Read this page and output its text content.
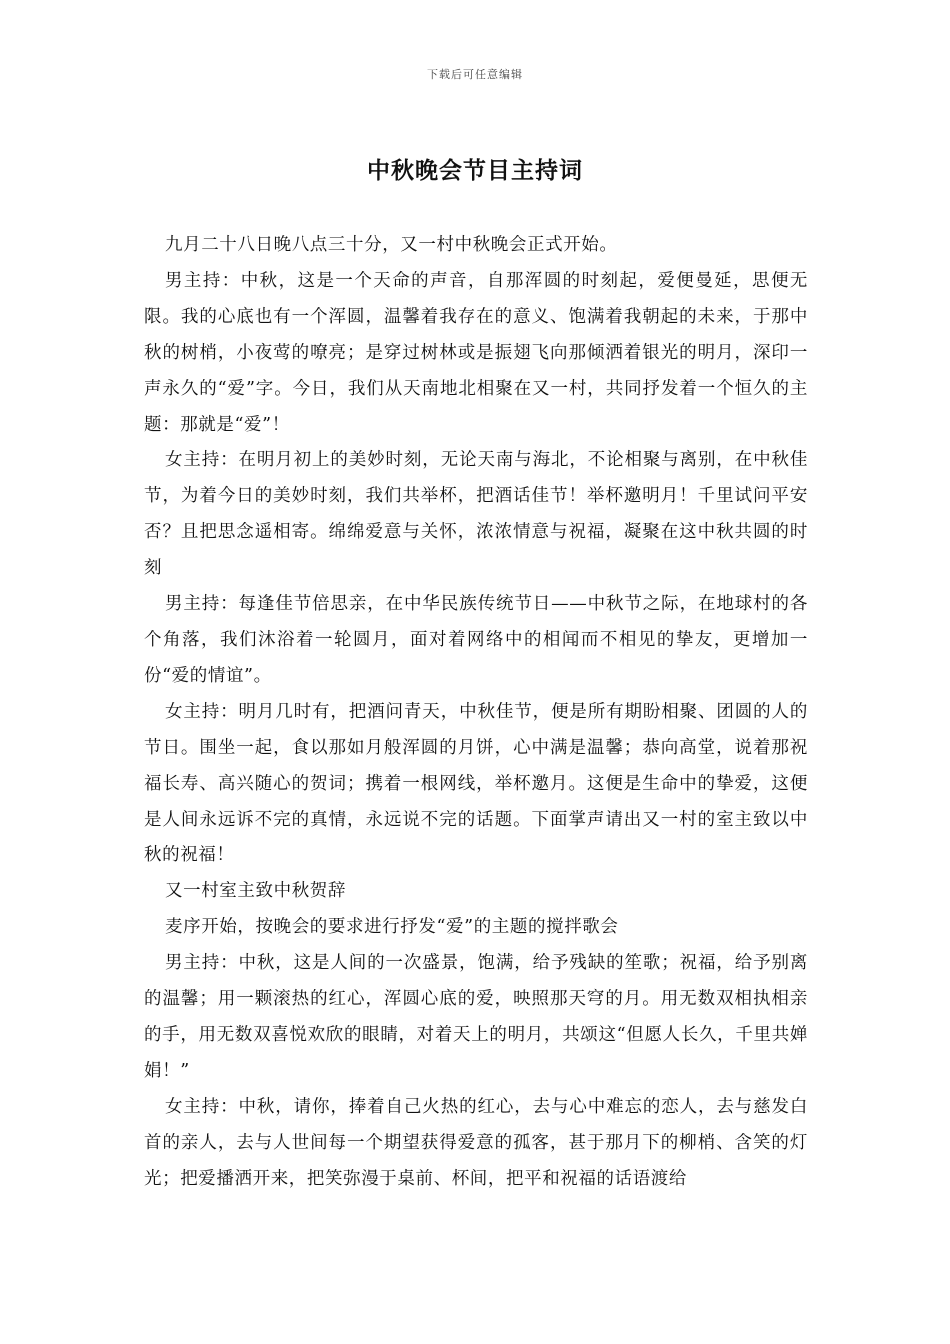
下载后可任意编辑
中秋晚会节目主持词

九月二十八日晚八点三十分，又一村中秋晚会正式开始。

男主持：中秋，这是一个天命的声音，自那浑圆的时刻起，爱便曼延，思便无限。我的心底也有一个浑圆，温馨着我存在的意义、饱满着我朝起的未来，于那中秋的树梢，小夜莺的嘹亮；是穿过树林或是振翅飞向那倾洒着银光的明月，深印一声永久的“爱”字。今日，我们从天南地北相聚在又一村，共同抒发着一个恒久的主题：那就是“爱”！

女主持：在明月初上的美妙时刻，无论天南与海北，不论相聚与离别，在中秋佳节，为着今日的美妙时刻，我们共举杯，把酒话佳节！举杯邀明月！千里试问平安否？且把思念遥相寄。绵绵爱意与关怀，浓浓情意与祝福，凝聚在这中秋共圆的时刻

男主持：每逢佳节倍思亲，在中华民族传统节日——中秋节之际，在地球村的各个角落，我们沐浴着一轮圆月，面对着网络中的相闻而不相见的挚友，更增加一份“爱的情谊”。

女主持：明月几时有，把酒问青天，中秋佳节，便是所有期盼相聚、团圆的人的节日。围坐一起，食以那如月般浑圆的月饼，心中满是温馨；恭向高堂，说着那祝福长寿、高兴随心的贺词；携着一根网线，举杯邀月。这便是生命中的挚爱，这便是人间永远诉不完的真情，永远说不完的话题。下面掌声请出又一村的室主致以中秋的祝福！

又一村室主致中秋贺辞

麦序开始，按晚会的要求进行抒发“爱”的主题的搅拌歌会

男主持：中秋，这是人间的一次盛景，饱满，给予残缺的笙歌；祝福，给予别离的温馨；用一颗滚热的红心，浑圆心底的爱，映照那天穹的月。用无数双相执相亲的手，用无数双喜悦欢欣的眼睛，对着天上的明月，共颂这“但愿人长久，千里共婵娟！”

女主持：中秋，请你，捧着自己火热的红心，去与心中难忘的恋人，去与慈发白首的亲人，去与人世间每一个期望获得爱意的孤客，甚于那月下的柳梢、含笑的灯光；把爱播洒开来，把笑弥漫于桌前、杯间，把平和祝福的话语渡给
